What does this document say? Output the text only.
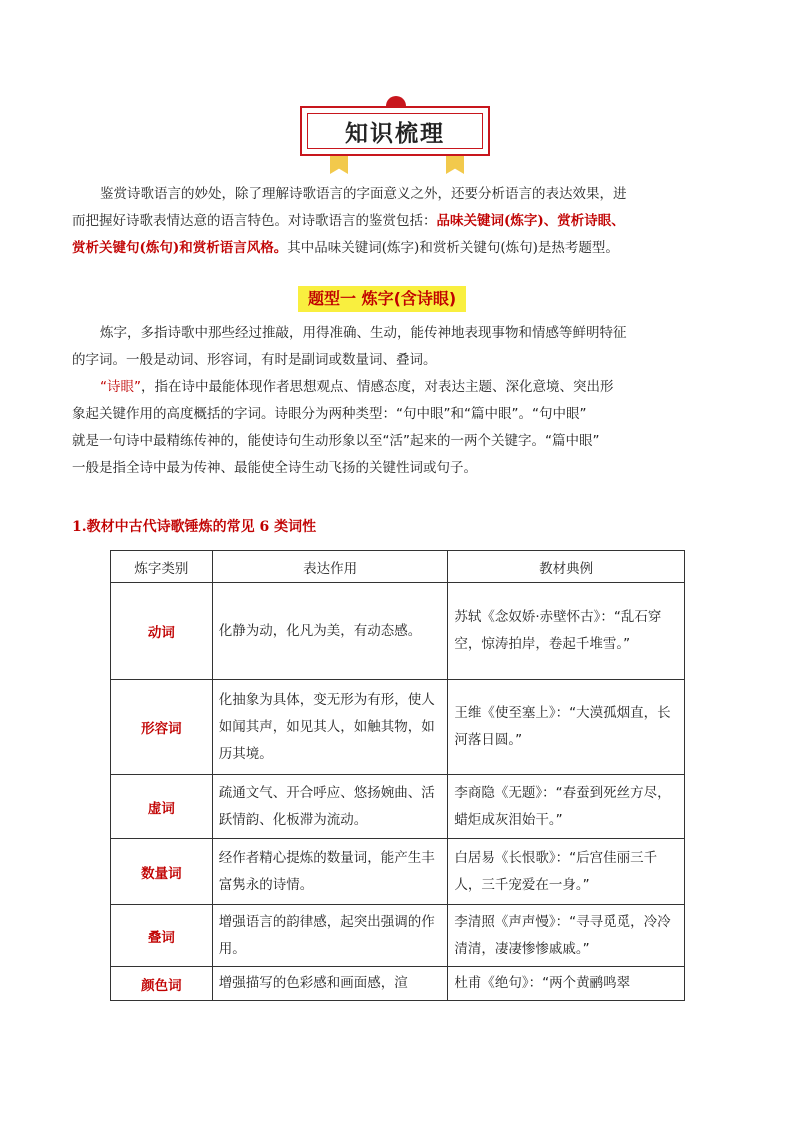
知识梳理
鉴赏诗歌语言的妙处，除了理解诗歌语言的字面意义之外，还要分析语言的表达效果，进
而把握好诗歌表情达意的语言特色。对诗歌语言的鉴赏包括：品味关键词(炼字)、赏析诗眼、
赏析关键句(炼句)和赏析语言风格。其中品味关键词(炼字)和赏析关键句(炼句)是热考题型。
题型一 炼字(含诗眼)
炼字，多指诗歌中那些经过推敲，用得准确、生动，能传神地表现事物和情感等鲜明特征
的字词。一般是动词、形容词，有时是副词或数量词、叠词。
“诗眼”，指在诗中最能体现作者思想观点、情感态度，对表达主题、深化意境、突出形
象起关键作用的高度概括的字词。诗眼分为两种类型：“句中眼”和“篇中眼”。“句中眼”
就是一句诗中最精练传神的，能使诗句生动形象以至“活”起来的一两个关键字。“篇中眼”
一般是指全诗中最为传神、最能使全诗生动飞扬的关键性词或句子。
1.教材中古代诗歌锤炼的常见 6 类词性
炼字类别	表达作用	教材典例
动词	化静为动，化凡为美，有动态感。	苏轼《念奴娇·赤壁怀古》：“乱石穿空，惊涛拍岸，卷起千堆雪。”
形容词	化抽象为具体，变无形为有形，使人如闻其声，如见其人，如触其物，如历其境。	王维《使至塞上》：“大漠孤烟直，长河落日圆。”
虚词	疏通文气、开合呼应、悠扬婉曲、活跃情韵、化板滞为流动。	李商隐《无题》：“春蚕到死丝方尽，蜡炬成灰泪始干。”
数量词	经作者精心提炼的数量词，能产生丰富隽永的诗情。	白居易《长恨歌》：“后宫佳丽三千人，三千宠爱在一身。”
叠词	增强语言的韵律感，起突出强调的作用。	李清照《声声慢》：“寻寻觅觅，冷冷清清，凄凄惨惨戚戚。”
颜色词	增强描写的色彩感和画面感，渲	杜甫《绝句》：“两个黄鹂鸣翠
